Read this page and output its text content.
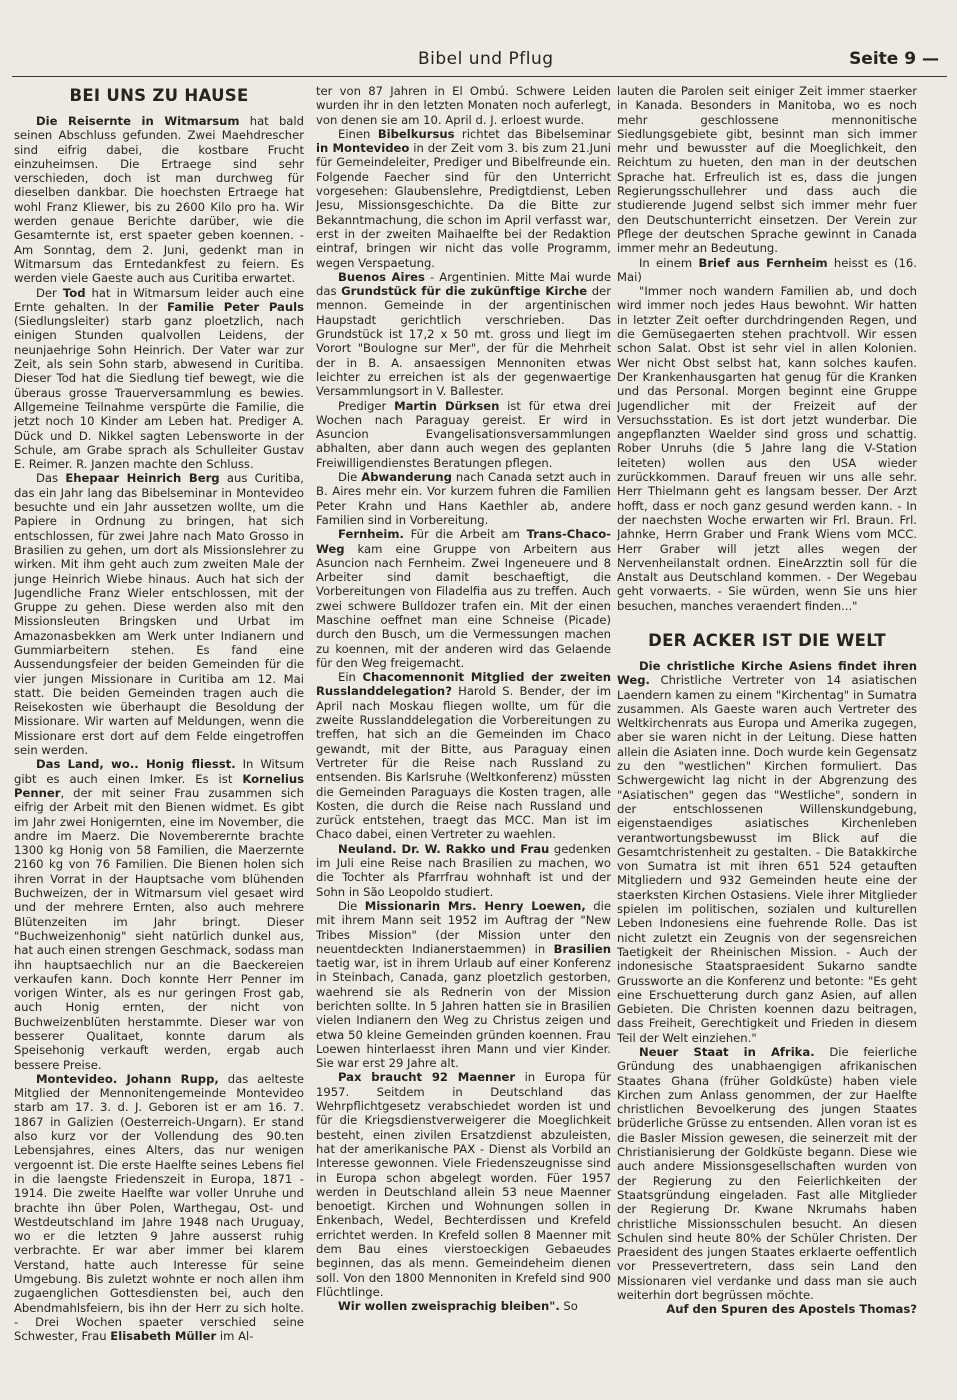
Bibel und Pflug	Seite 9 —
BEI UNS ZU HAUSE

Die Reisernte in Witmarsum hat bald seinen Abschluss gefunden. Zwei Maehdrescher sind eifrig dabei, die kostbare Frucht einzuheimsen. Die Ertraege sind sehr verschieden, doch ist man durchweg für dieselben dankbar. Die hoechsten Ertraege hat wohl Franz Kliewer, bis zu 2600 Kilo pro ha. Wir werden genaue Berichte darüber, wie die Gesamternte ist, erst spaeter geben koennen. - Am Sonntag, dem 2. Juni, gedenkt man in Witmarsum das Erntedankfest zu feiern. Es werden viele Gaeste auch aus Curitiba erwartet.

Der Tod hat in Witmarsum leider auch eine Ernte gehalten. In der Familie Peter Pauls (Siedlungsleiter) starb ganz ploetzlich, nach einigen Stunden qualvollen Leidens, der neunjaehrige Sohn Heinrich. Der Vater war zur Zeit, als sein Sohn starb, abwesend in Curitiba. Dieser Tod hat die Siedlung tief bewegt, wie die überaus grosse Trauerversammlung es bewies. Allgemeine Teilnahme verspürte die Familie, die jetzt noch 10 Kinder am Leben hat. Prediger A. Dück und D. Nikkel sagten Lebensworte in der Schule, am Grabe sprach als Schulleiter Gustav E. Reimer. R. Janzen machte den Schluss.

Das Ehepaar Heinrich Berg aus Curitiba, das ein Jahr lang das Bibelseminar in Montevideo besuchte und ein Jahr aussetzen wollte, um die Papiere in Ordnung zu bringen, hat sich entschlossen, für zwei Jahre nach Mato Grosso in Brasilien zu gehen, um dort als Missionslehrer zu wirken. Mit ihm geht auch zum zweiten Male der junge Heinrich Wiebe hinaus. Auch hat sich der Jugendliche Franz Wieler entschlossen, mit der Gruppe zu gehen. Diese werden also mit den Missionsleuten Bringsken und Urbat im Amazonasbekken am Werk unter Indianern und Gummiarbeitern stehen. Es fand eine Aussendungsfeier der beiden Gemeinden für die vier jungen Missionare in Curitiba am 12. Mai statt. Die beiden Gemeinden tragen auch die Reisekosten wie überhaupt die Besoldung der Missionare. Wir warten auf Meldungen, wenn die Missionare erst dort auf dem Felde eingetroffen sein werden.

Das Land, wo.. Honig fliesst. In Witsum gibt es auch einen Imker. Es ist Kornelius Penner, der mit seiner Frau zusammen sich eifrig der Arbeit mit den Bienen widmet. Es gibt im Jahr zwei Honigernten, eine im November, die andre im Maerz. Die Novemberernte brachte 1300 kg Honig von 58 Familien, die Maerzernte 2160 kg von 76 Familien. Die Bienen holen sich ihren Vorrat in der Hauptsache vom blühenden Buchweizen, der in Witmarsum viel gesaet wird und der mehrere Ernten, also auch mehrere Blütenzeiten im Jahr bringt. Dieser "Buchweizenhonig" sieht natürlich dunkel aus, hat auch einen strengen Geschmack, sodass man ihn hauptsaechlich nur an die Baeckereien verkaufen kann. Doch konnte Herr Penner im vorigen Winter, als es nur geringen Frost gab, auch Honig ernten, der nicht von Buchweizenblüten herstammte. Dieser war von besserer Qualitaet, konnte darum als Speisehonig verkauft werden, ergab auch bessere Preise.

Montevideo. Johann Rupp, das aelteste Mitglied der Mennonitengemeinde Montevideo starb am 17. 3. d. J. Geboren ist er am 16. 7. 1867 in Galizien (Oesterreich-Ungarn). Er stand also kurz vor der Vollendung des 90.ten Lebensjahres, eines Alters, das nur wenigen vergoennt ist. Die erste Haelfte seines Lebens fiel in die laengste Friedenszeit in Europa, 1871 - 1914. Die zweite Haelfte war voller Unruhe und brachte ihn über Polen, Warthegau, Ost- und Westdeutschland im Jahre 1948 nach Uruguay, wo er die letzten 9 Jahre ausserst ruhig verbrachte. Er war aber immer bei klarem Verstand, hatte auch Interesse für seine Umgebung. Bis zuletzt wohnte er noch allen ihm zugaenglichen Gottesdiensten bei, auch den Abendmahlsfeiern, bis ihn der Herr zu sich holte. - Drei Wochen spaeter verschied seine Schwester, Frau Elisabeth Müller im Al-

ter von 87 Jahren in El Ombú. Schwere Leiden wurden ihr in den letzten Monaten noch auferlegt, von denen sie am 10. April d. J. erloest wurde.

Einen Bibelkursus richtet das Bibelseminar in Montevideo in der Zeit vom 3. bis zum 21.Juni für Gemeindeleiter, Prediger und Bibelfreunde ein. Folgende Faecher sind für den Unterricht vorgesehen: Glaubenslehre, Predigtdienst, Leben Jesu, Missionsgeschichte. Da die Bitte zur Bekanntmachung, die schon im April verfasst war, erst in der zweiten Maihaelfte bei der Redaktion eintraf, bringen wir nicht das volle Programm, wegen Verspaetung.

Buenos Aires - Argentinien. Mitte Mai wurde das Grundstück für die zukünftige Kirche der mennon. Gemeinde in der argentinischen Haupstadt gerichtlich verschrieben. Das Grundstück ist 17,2 x 50 mt. gross und liegt im Vorort "Boulogne sur Mer", der für die Mehrheit der in B. A. ansaessigen Mennoniten etwas leichter zu erreichen ist als der gegenwaertige Versammlungsort in V. Ballester.

Prediger Martin Dürksen ist für etwa drei Wochen nach Paraguay gereist. Er wird in Asuncion Evangelisationsversammlungen abhalten, aber dann auch wegen des geplanten Freiwilligendienstes Beratungen pflegen.

Die Abwanderung nach Canada setzt auch in B. Aires mehr ein. Vor kurzem fuhren die Familien Peter Krahn und Hans Kaethler ab, andere Familien sind in Vorbereitung.

Fernheim. Für die Arbeit am Trans-Chaco-Weg kam eine Gruppe von Arbeitern aus Asuncion nach Fernheim. Zwei Ingeneuere und 8 Arbeiter sind damit beschaeftigt, die Vorbereitungen von Filadelfia aus zu treffen. Auch zwei schwere Bulldozer trafen ein. Mit der einen Maschine oeffnet man eine Schneise (Picade) durch den Busch, um die Vermessungen machen zu koennen, mit der anderen wird das Gelaende für den Weg freigemacht.

Ein Chacomennonit Mitglied der zweiten Russlanddelegation? Harold S. Bender, der im April nach Moskau fliegen wollte, um für die zweite Russlanddelegation die Vorbereitungen zu treffen, hat sich an die Gemeinden im Chaco gewandt, mit der Bitte, aus Paraguay einen Vertreter für die Reise nach Russland zu entsenden. Bis Karlsruhe (Weltkonferenz) müssten die Gemeinden Paraguays die Kosten tragen, alle Kosten, die durch die Reise nach Russland und zurück entstehen, traegt das MCC. Man ist im Chaco dabei, einen Vertreter zu waehlen.

Neuland. Dr. W. Rakko und Frau gedenken im Juli eine Reise nach Brasilien zu machen, wo die Tochter als Pfarrfrau wohnhaft ist und der Sohn in São Leopoldo studiert.

Die Missionarin Mrs. Henry Loewen, die mit ihrem Mann seit 1952 im Auftrag der "New Tribes Mission" (der Mission unter den neuentdeckten Indianerstaemmen) in Brasilien taetig war, ist in ihrem Urlaub auf einer Konferenz in Steinbach, Canada, ganz ploetzlich gestorben, waehrend sie als Rednerin von der Mission berichten sollte. In 5 Jahren hatten sie in Brasilien vielen Indianern den Weg zu Christus zeigen und etwa 50 kleine Gemeinden gründen koennen. Frau Loewen hinterlaesst ihren Mann und vier Kinder. Sie war erst 29 Jahre alt.

Pax braucht 92 Maenner in Europa für 1957. Seitdem in Deutschland das Wehrpflichtgesetz verabschiedet worden ist und für die Kriegsdienstverweigerer die Moeglichkeit besteht, einen zivilen Ersatzdienst abzuleisten, hat der amerikanische PAX - Dienst als Vorbild an Interesse gewonnen. Viele Friedenszeugnisse sind in Europa schon abgelegt worden. Füer 1957 werden in Deutschland allein 53 neue Maenner benoetigt. Kirchen und Wohnungen sollen in Enkenbach, Wedel, Bechterdissen und Krefeld errichtet werden. In Krefeld sollen 8 Maenner mit dem Bau eines vierstoeckigen Gebaeudes beginnen, das als menn. Gemeindeheim dienen soll. Von den 1800 Mennoniten in Krefeld sind 900 Flüchtlinge.

Wir wollen zweisprachig bleiben". So

lauten die Parolen seit einiger Zeit immer staerker in Kanada. Besonders in Manitoba, wo es noch mehr geschlossene mennonitische Siedlungsgebiete gibt, besinnt man sich immer mehr und bewusster auf die Moeglichkeit, den Reichtum zu hueten, den man in der deutschen Sprache hat. Erfreulich ist es, dass die jungen Regierungsschullehrer und dass auch die studierende Jugend selbst sich immer mehr fuer den Deutschunterricht einsetzen. Der Verein zur Pflege der deutschen Sprache gewinnt in Canada immer mehr an Bedeutung.

In einem Brief aus Fernheim heisst es (16. Mai)

"Immer noch wandern Familien ab, und doch wird immer noch jedes Haus bewohnt. Wir hatten in letzter Zeit oefter durchdringenden Regen, und die Gemüsegaerten stehen prachtvoll. Wir essen schon Salat. Obst ist sehr viel in allen Kolonien. Wer nicht Obst selbst hat, kann solches kaufen. Der Krankenhausgarten hat genug für die Kranken und das Personal. Morgen beginnt eine Gruppe Jugendlicher mit der Freizeit auf der Versuchsstation. Es ist dort jetzt wunderbar. Die angepflanzten Waelder sind gross und schattig. Rober Unruhs (die 5 Jahre lang die V-Station leiteten) wollen aus den USA wieder zurückkommen. Darauf freuen wir uns alle sehr. Herr Thielmann geht es langsam besser. Der Arzt hofft, dass er noch ganz gesund werden kann. - In der naechsten Woche erwarten wir Frl. Braun. Frl. Jahnke, Herrn Graber und Frank Wiens vom MCC. Herr Graber will jetzt alles wegen der Nervenheilanstalt ordnen. EineArzztin soll für die Anstalt aus Deutschland kommen. - Der Wegebau geht vorwaerts. - Sie würden, wenn Sie uns hier besuchen, manches veraendert finden..."

DER ACKER IST DIE WELT

Die christliche Kirche Asiens findet ihren Weg. Christliche Vertreter von 14 asiatischen Laendern kamen zu einem "Kirchentag" in Sumatra zusammen. Als Gaeste waren auch Vertreter des Weltkirchenrats aus Europa und Amerika zugegen, aber sie waren nicht in der Leitung. Diese hatten allein die Asiaten inne. Doch wurde kein Gegensatz zu den "westlichen" Kirchen formuliert. Das Schwergewicht lag nicht in der Abgrenzung des "Asiatischen" gegen das "Westliche", sondern in der entschlossenen Willenskundgebung, eigenstaendiges asiatisches Kirchenleben verantwortungsbewusst im Blick auf die Gesamtchristenheit zu gestalten. - Die Batakkirche von Sumatra ist mit ihren 651 524 getauften Mitgliedern und 932 Gemeinden heute eine der staerksten Kirchen Ostasiens. Viele ihrer Mitglieder spielen im politischen, sozialen und kulturellen Leben Indonesiens eine fuehrende Rolle. Das ist nicht zuletzt ein Zeugnis von der segensreichen Taetigkeit der Rheinischen Mission. - Auch der indonesische Staatspraesident Sukarno sandte Grussworte an die Konferenz und betonte: "Es geht eine Erschuetterung durch ganz Asien, auf allen Gebieten. Die Christen koennen dazu beitragen, dass Freiheit, Gerechtigkeit und Frieden in diesem Teil der Welt einziehen."

Neuer Staat in Afrika. Die feierliche Gründung des unabhaengigen afrikanischen Staates Ghana (früher Goldküste) haben viele Kirchen zum Anlass genommen, der zur Haelfte christlichen Bevoelkerung des jungen Staates brüderliche Grüsse zu entsenden. Allen voran ist es die Basler Mission gewesen, die seinerzeit mit der Christianisierung der Goldküste begann. Diese wie auch andere Missionsgesellschaften wurden von der Regierung zu den Feierlichkeiten der Staatsgründung eingeladen. Fast alle Mitglieder der Regierung Dr. Kwane Nkrumahs haben christliche Missionsschulen besucht. An diesen Schulen sind heute 80% der Schüler Christen. Der Praesident des jungen Staates erklaerte oeffentlich vor Pressevertretern, dass sein Land den Missionaren viel verdanke und dass man sie auch weiterhin dort begrüssen möchte.

Auf den Spuren des Apostels Thomas?
